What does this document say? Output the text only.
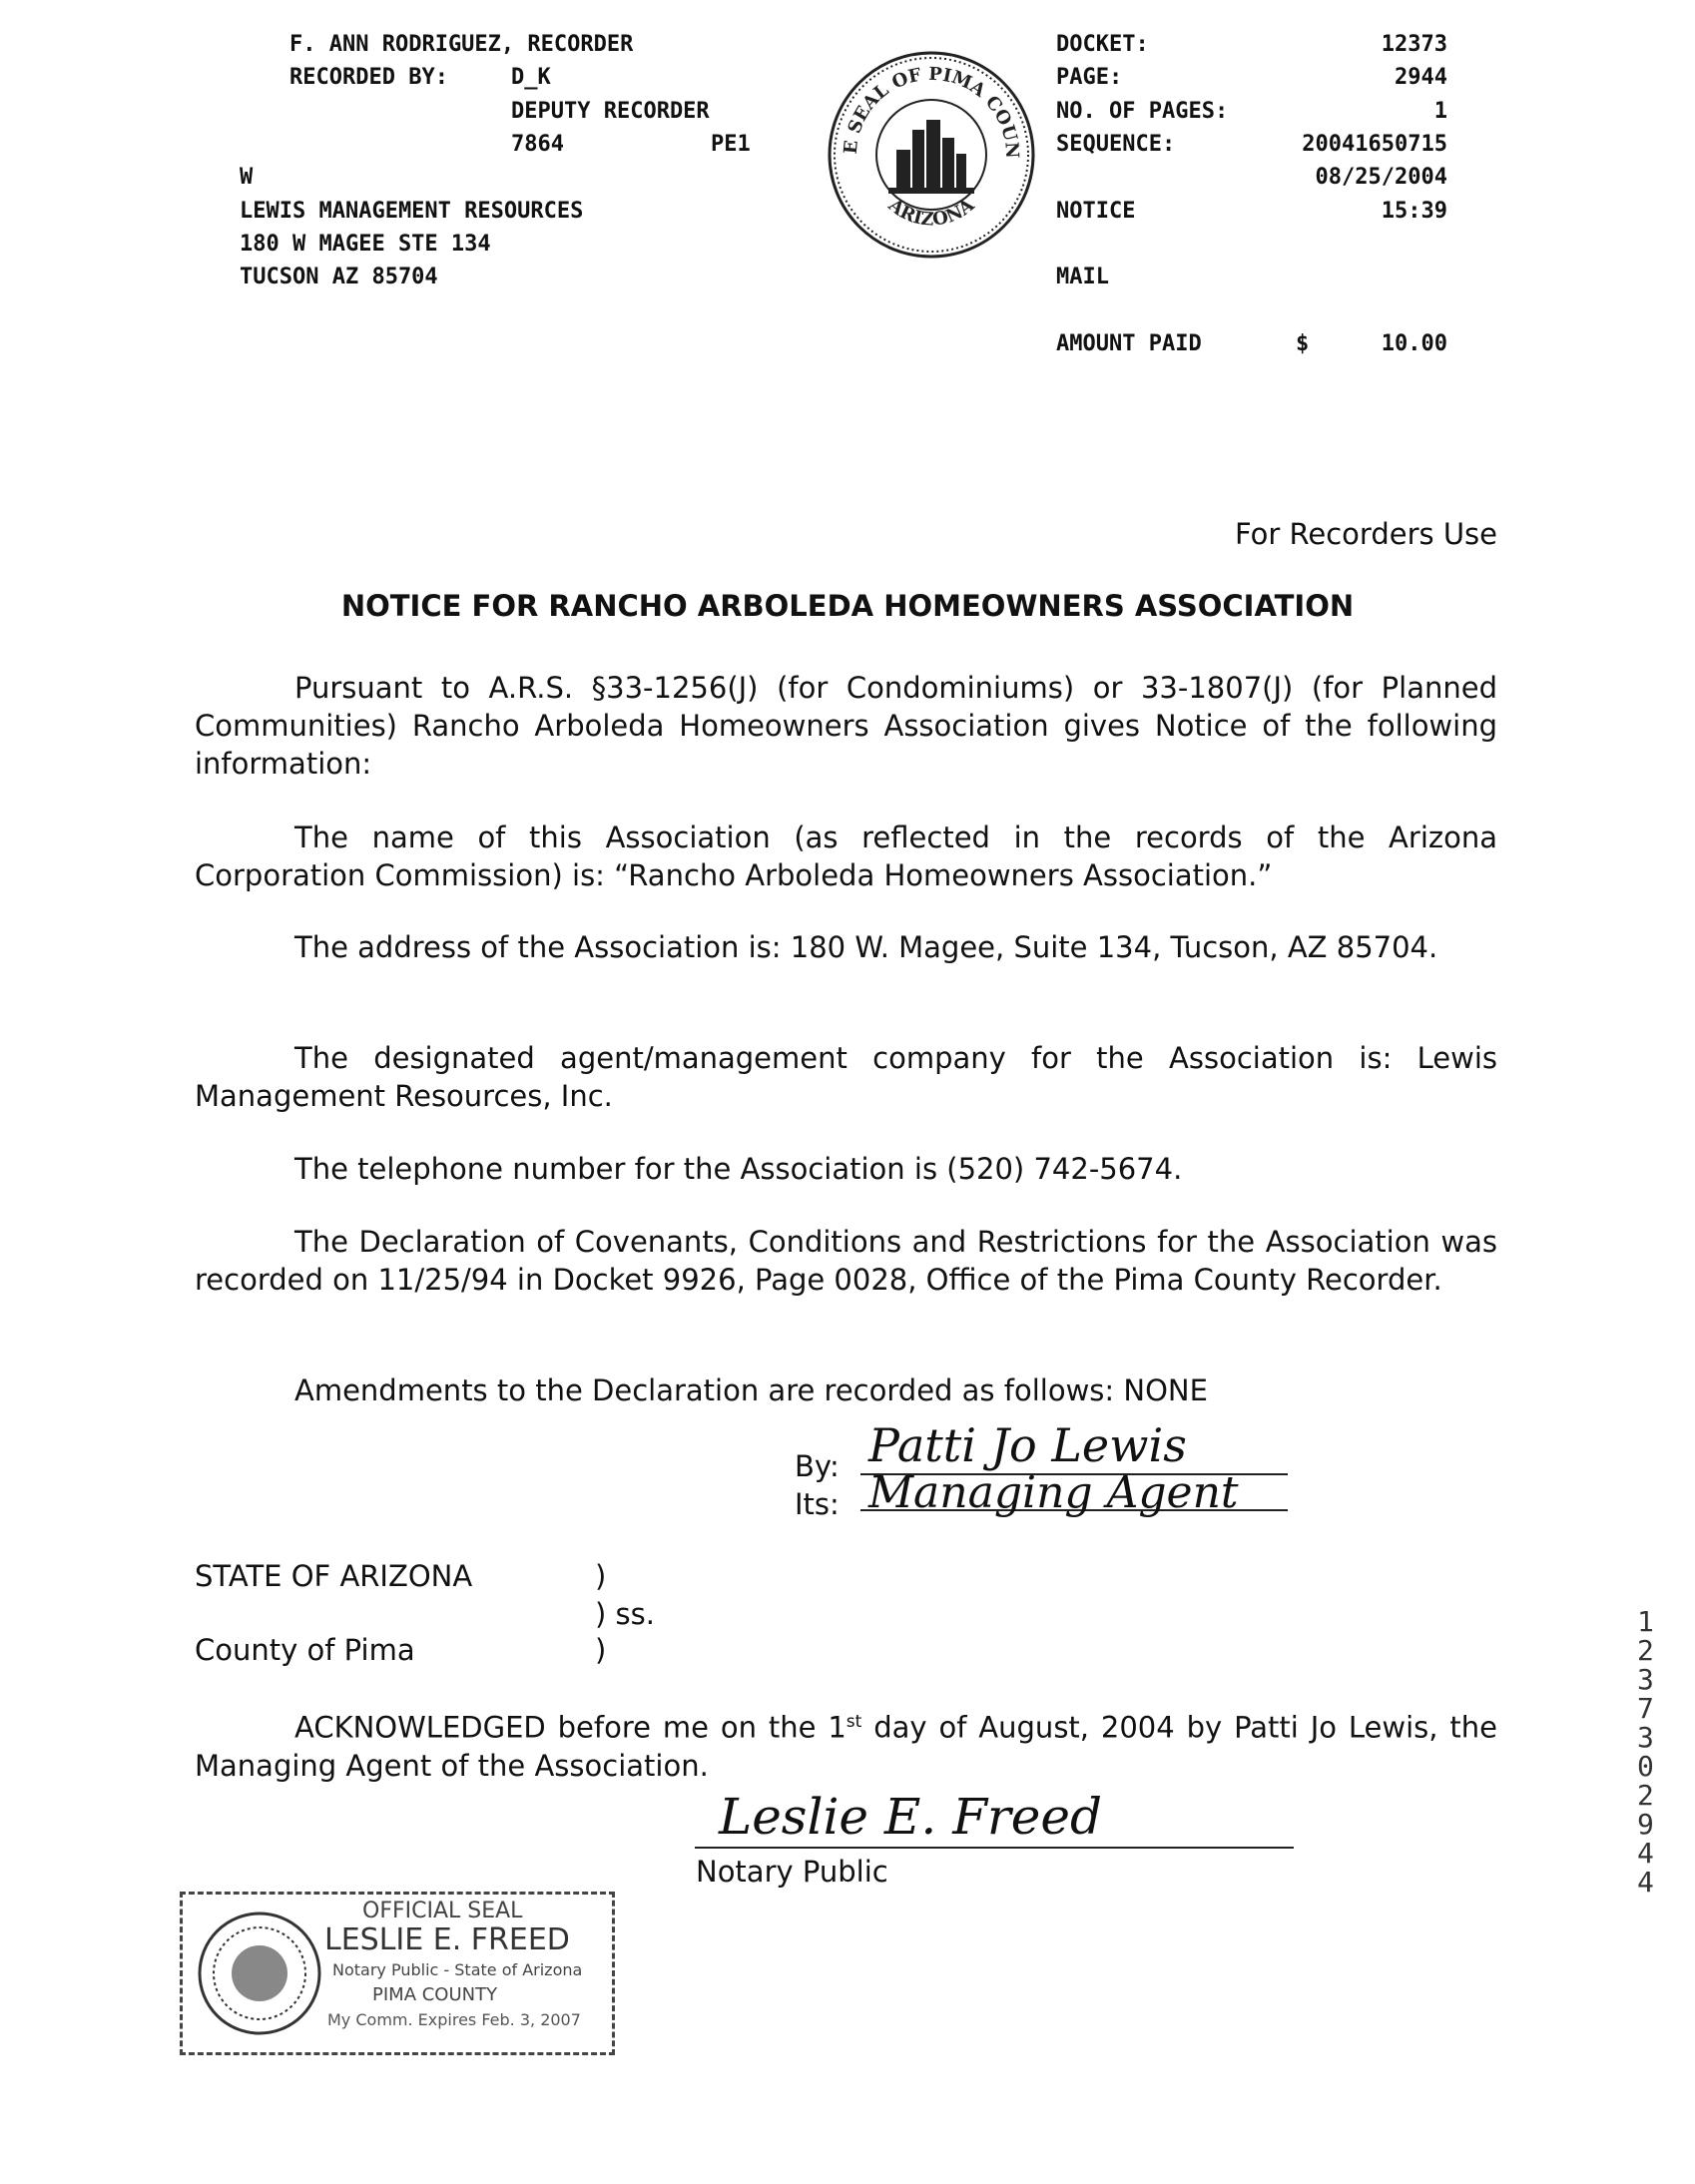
F. ANN RODRIGUEZ, RECORDER
RECORDED BY:	D_K
DEPUTY RECORDER
7864	PE1
W
LEWIS MANAGEMENT RESOURCES
180 W MAGEE STE 134
TUCSON AZ 85704
THE SEAL OF PIMA COUNTY
ARIZONA
DOCKET:	12373
PAGE:	2944
NO. OF PAGES:	1
SEQUENCE:	20041650715
08/25/2004
NOTICE	15:39
MAIL
AMOUNT PAID	$	10.00
For Recorders Use
NOTICE FOR RANCHO ARBOLEDA HOMEOWNERS ASSOCIATION
Pursuant to A.R.S. §33-1256(J) (for Condominiums) or 33-1807(J) (for Planned Communities) Rancho Arboleda Homeowners Association gives Notice of the following information:
The name of this Association (as reflected in the records of the Arizona Corporation Commission) is: “Rancho Arboleda Homeowners Association.”
The address of the Association is: 180 W. Magee, Suite 134, Tucson, AZ 85704.
The designated agent/management company for the Association is: Lewis Management Resources, Inc.
The telephone number for the Association is (520) 742-5674.
The Declaration of Covenants, Conditions and Restrictions for the Association was recorded on 11/25/94 in Docket 9926, Page 0028, Office of the Pima County Recorder.
Amendments to the Declaration are recorded as follows: NONE
By:
Its:
Patti Jo Lewis
Managing Agent
STATE OF ARIZONA	)
) ss.
County of Pima	)
ACKNOWLEDGED before me on the 1st day of August, 2004 by Patti Jo Lewis, the Managing Agent of the Association.
Leslie E. Freed
Notary Public
OFFICIAL SEAL
LESLIE E. FREED
Notary Public - State of Arizona
PIMA COUNTY
My Comm. Expires Feb. 3, 2007
12373 02944
